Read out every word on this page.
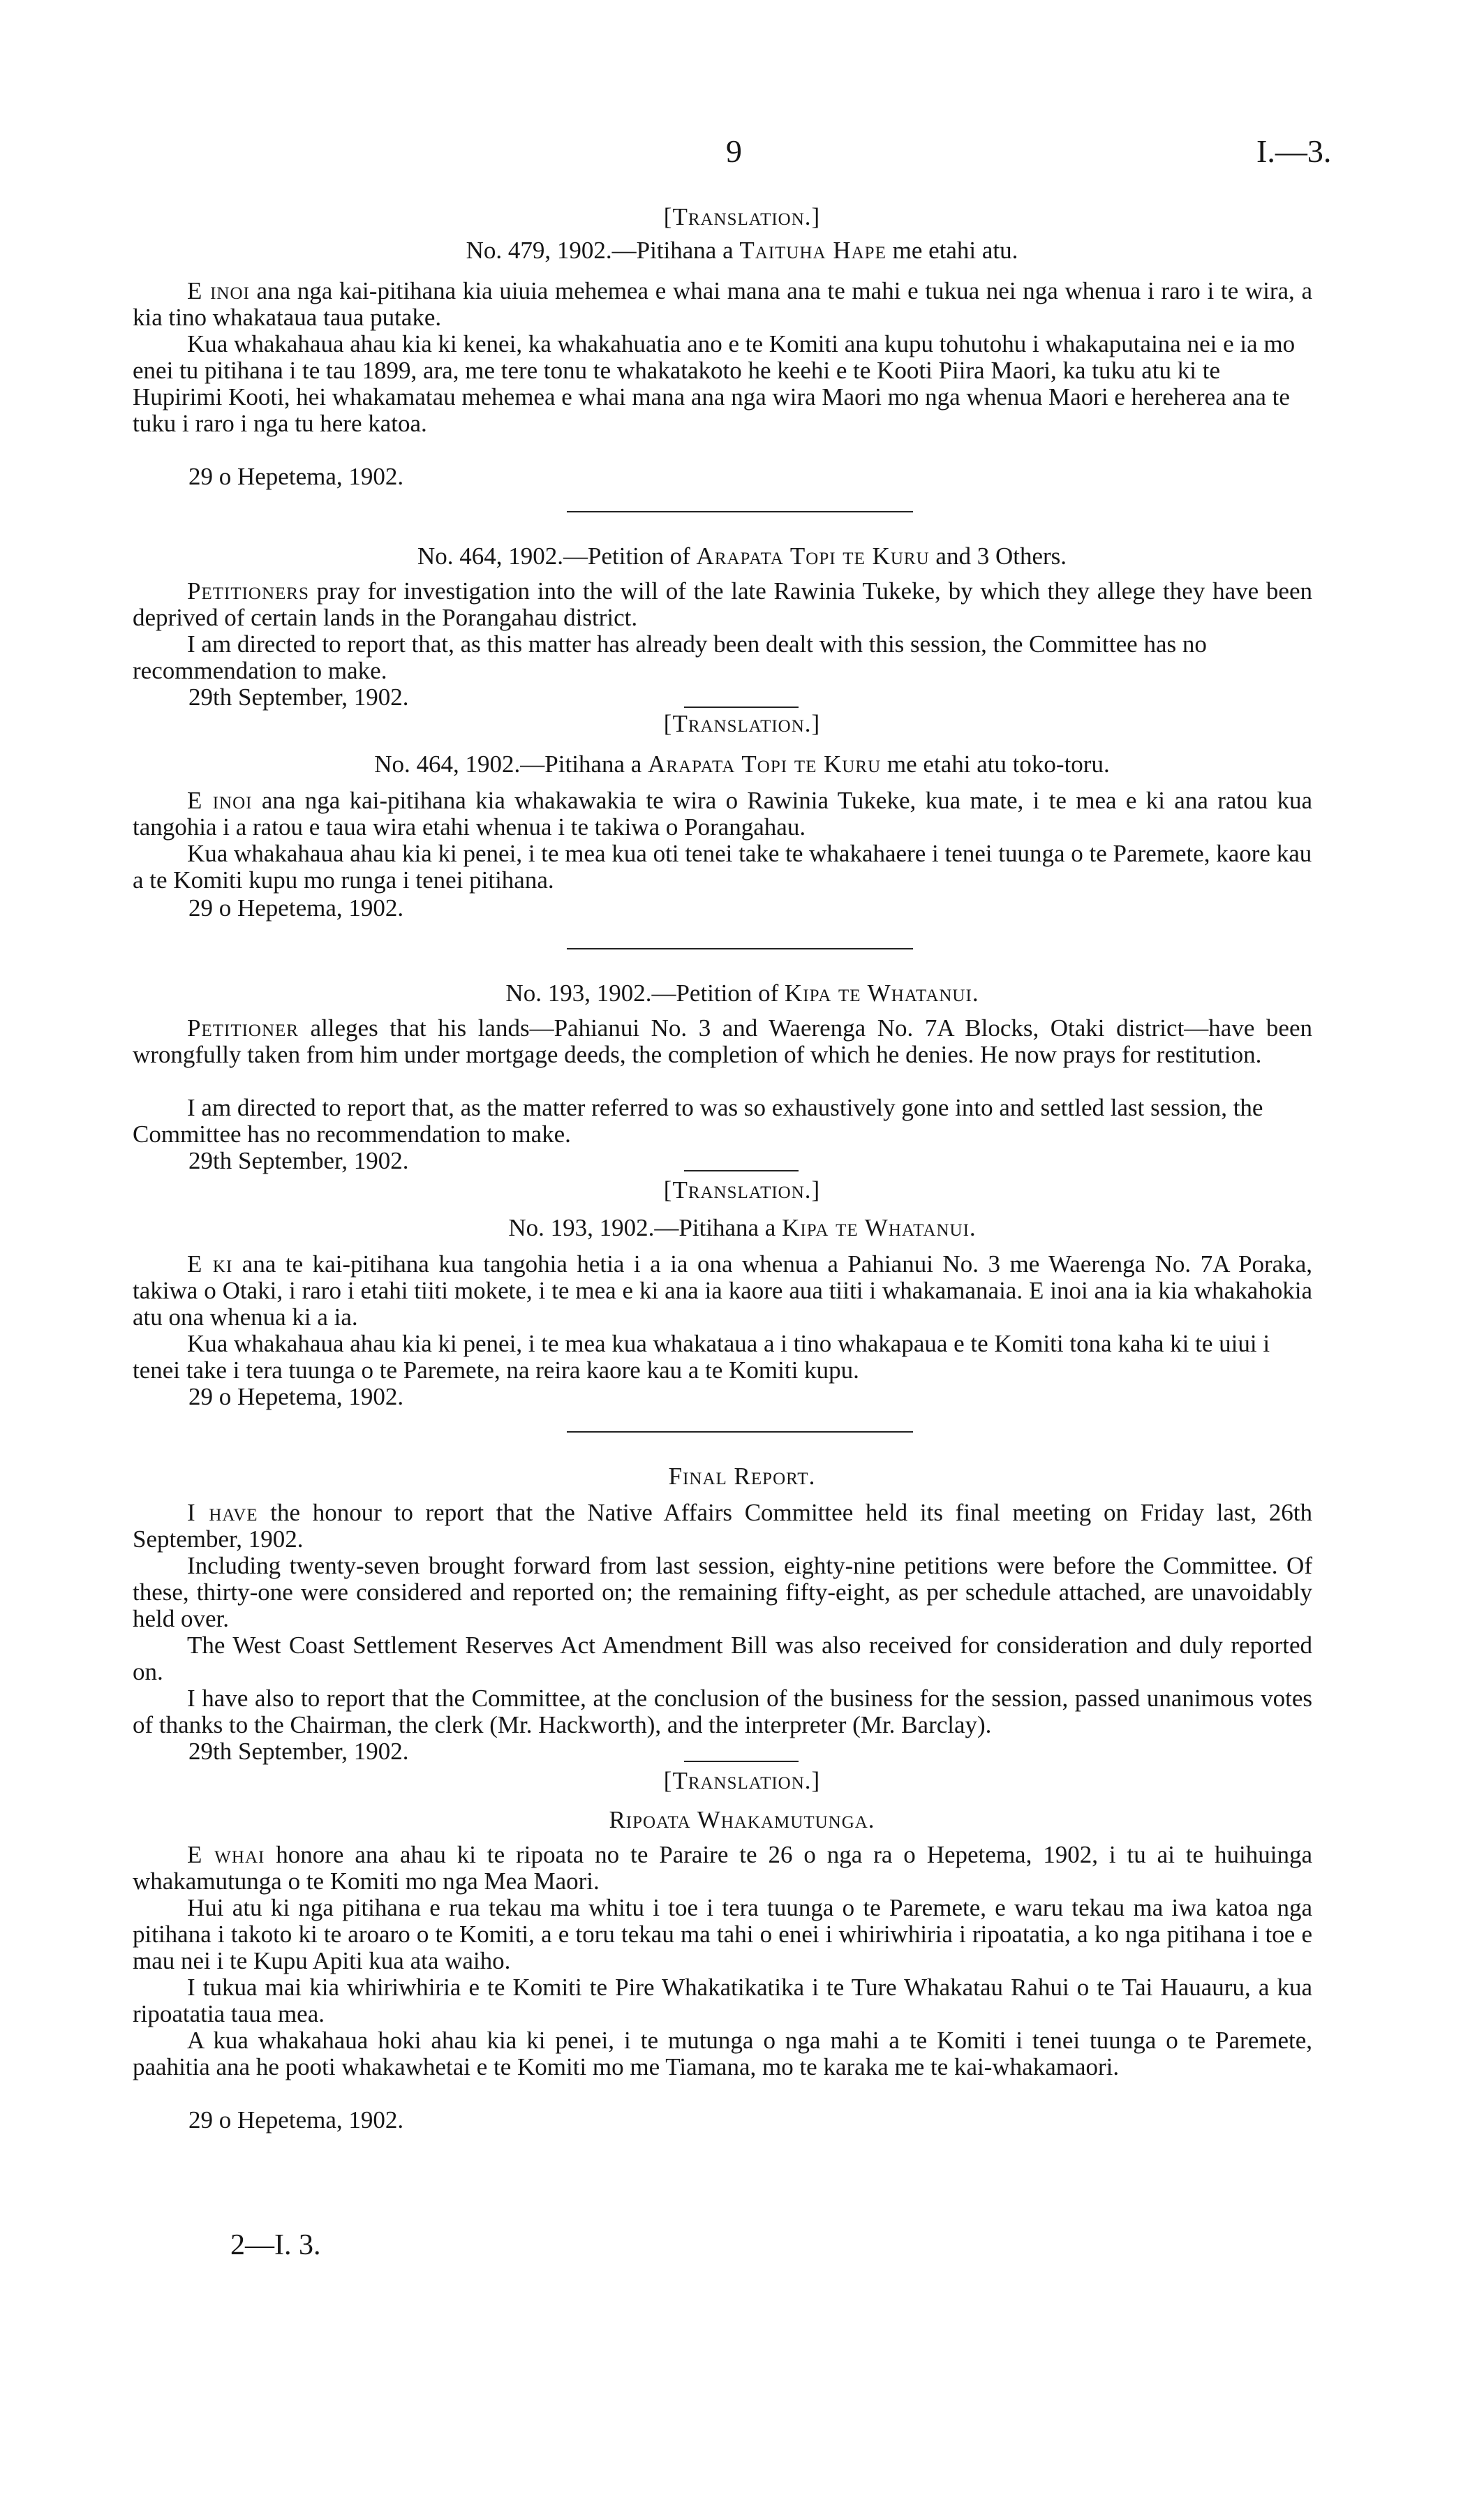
9	I.—3.
[Translation.]
No. 479, 1902.—Pitihana a Taituha Hape me etahi atu.
E inoi ana nga kai-pitihana kia uiuia mehemea e whai mana ana te mahi e tukua nei nga whenua i raro i te wira, a kia tino whakataua taua putake.
Kua whakahaua ahau kia ki kenei, ka whakahuatia ano e te Komiti ana kupu tohutohu i whakaputaina nei e ia mo enei tu pitihana i te tau 1899, ara, me tere tonu te whakatakoto he keehi e te Kooti Piira Maori, ka tuku atu ki te Hupirimi Kooti, hei whakamatau mehemea e whai mana ana nga wira Maori mo nga whenua Maori e hereherea ana te tuku i raro i nga tu here katoa.
29 o Hepetema, 1902.
No. 464, 1902.—Petition of Arapata Topi te Kuru and 3 Others.
Petitioners pray for investigation into the will of the late Rawinia Tukeke, by which they allege they have been deprived of certain lands in the Porangahau district.
I am directed to report that, as this matter has already been dealt with this session, the Committee has no recommendation to make.
29th September, 1902.
[Translation.]
No. 464, 1902.—Pitihana a Arapata Topi te Kuru me etahi atu toko-toru.
E inoi ana nga kai-pitihana kia whakawakia te wira o Rawinia Tukeke, kua mate, i te mea e ki ana ratou kua tangohia i a ratou e taua wira etahi whenua i te takiwa o Porangahau.
Kua whakahaua ahau kia ki penei, i te mea kua oti tenei take te whakahaere i tenei tuunga o te Paremete, kaore kau a te Komiti kupu mo runga i tenei pitihana.
29 o Hepetema, 1902.
No. 193, 1902.—Petition of Kipa te Whatanui.
Petitioner alleges that his lands—Pahianui No. 3 and Waerenga No. 7A Blocks, Otaki district—have been wrongfully taken from him under mortgage deeds, the completion of which he denies. He now prays for restitution.
I am directed to report that, as the matter referred to was so exhaustively gone into and settled last session, the Committee has no recommendation to make.
29th September, 1902.
[Translation.]
No. 193, 1902.—Pitihana a Kipa te Whatanui.
E ki ana te kai-pitihana kua tangohia hetia i a ia ona whenua a Pahianui No. 3 me Waerenga No. 7A Poraka, takiwa o Otaki, i raro i etahi tiiti mokete, i te mea e ki ana ia kaore aua tiiti i whakamanaia. E inoi ana ia kia whakahokia atu ona whenua ki a ia.
Kua whakahaua ahau kia ki penei, i te mea kua whakataua a i tino whakapaua e te Komiti tona kaha ki te uiui i tenei take i tera tuunga o te Paremete, na reira kaore kau a te Komiti kupu.
29 o Hepetema, 1902.
Final Report.
I have the honour to report that the Native Affairs Committee held its final meeting on Friday last, 26th September, 1902.
Including twenty-seven brought forward from last session, eighty-nine petitions were before the Committee. Of these, thirty-one were considered and reported on; the remaining fifty-eight, as per schedule attached, are unavoidably held over.
The West Coast Settlement Reserves Act Amendment Bill was also received for consideration and duly reported on.
I have also to report that the Committee, at the conclusion of the business for the session, passed unanimous votes of thanks to the Chairman, the clerk (Mr. Hackworth), and the interpreter (Mr. Barclay).
29th September, 1902.
[Translation.]
Ripoata Whakamutunga.
E whai honore ana ahau ki te ripoata no te Paraire te 26 o nga ra o Hepetema, 1902, i tu ai te huihuinga whakamutunga o te Komiti mo nga Mea Maori.
Hui atu ki nga pitihana e rua tekau ma whitu i toe i tera tuunga o te Paremete, e waru tekau ma iwa katoa nga pitihana i takoto ki te aroaro o te Komiti, a e toru tekau ma tahi o enei i whiriwhiria i ripoatatia, a ko nga pitihana i toe e mau nei i te Kupu Apiti kua ata waiho.
I tukua mai kia whiriwhiria e te Komiti te Pire Whakatikatika i te Ture Whakatau Rahui o te Tai Hauauru, a kua ripoatatia taua mea.
A kua whakahaua hoki ahau kia ki penei, i te mutunga o nga mahi a te Komiti i tenei tuunga o te Paremete, paahitia ana he pooti whakawhetai e te Komiti mo me Tiamana, mo te karaka me te kai-whakamaori.
29 o Hepetema, 1902.
2—I. 3.
